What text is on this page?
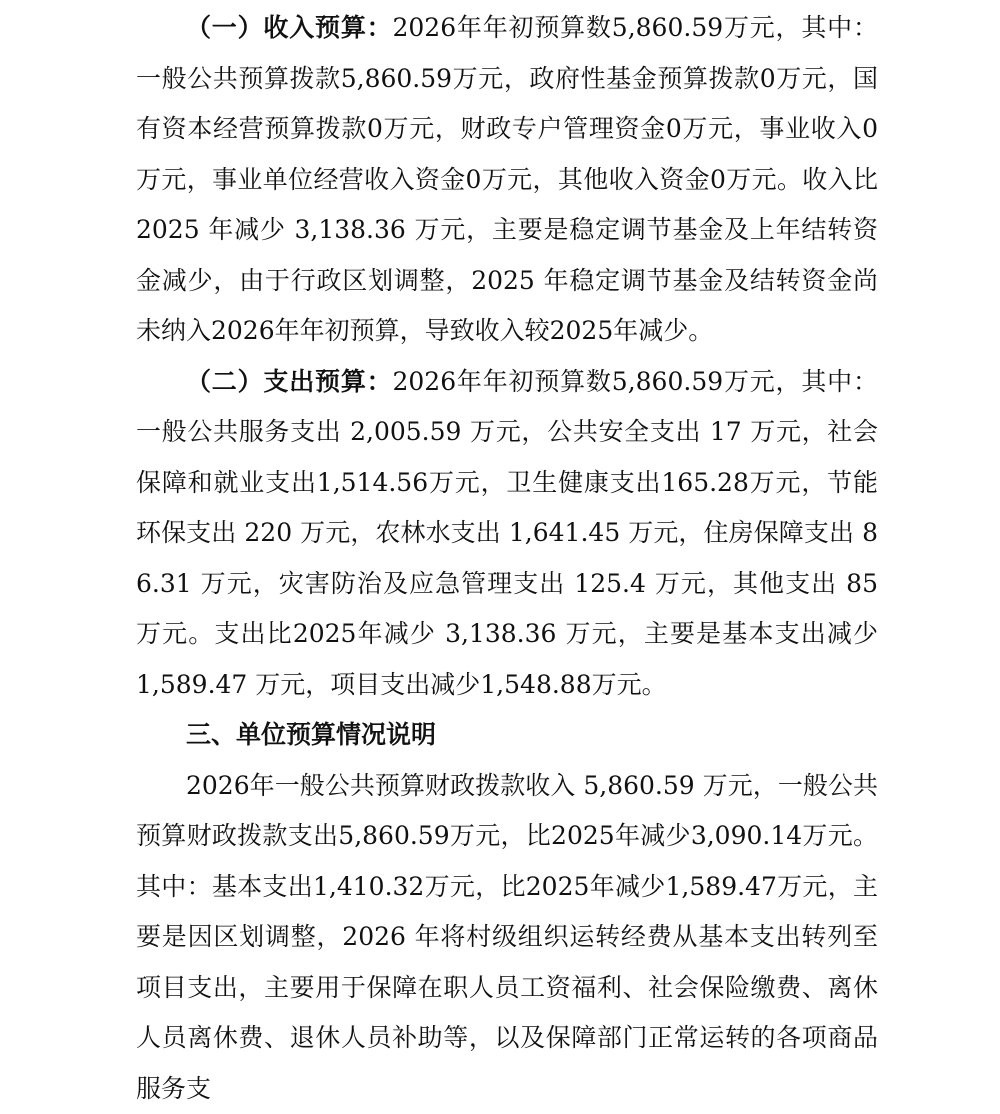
（一）收入预算：2026年年初预算数5,860.59万元，其中：一般公共预算拨款5,860.59万元，政府性基金预算拨款0万元，国有资本经营预算拨款0万元，财政专户管理资金0万元，事业收入0万元，事业单位经营收入资金0万元，其他收入资金0万元。收入比 2025 年减少 3,138.36 万元，主要是稳定调节基金及上年结转资金减少，由于行政区划调整，2025 年稳定调节基金及结转资金尚未纳入2026年年初预算，导致收入较2025年减少。

（二）支出预算：2026年年初预算数5,860.59万元，其中：一般公共服务支出 2,005.59 万元，公共安全支出 17 万元，社会保障和就业支出1,514.56万元，卫生健康支出165.28万元，节能环保支出 220 万元，农林水支出 1,641.45 万元，住房保障支出 86.31 万元，灾害防治及应急管理支出 125.4 万元，其他支出 85 万元。支出比2025年减少 3,138.36 万元，主要是基本支出减少 1,589.47 万元，项目支出减少1,548.88万元。

三、单位预算情况说明

2026年一般公共预算财政拨款收入 5,860.59 万元，一般公共预算财政拨款支出5,860.59万元，比2025年减少3,090.14万元。其中：基本支出1,410.32万元，比2025年减少1,589.47万元，主要是因区划调整，2026 年将村级组织运转经费从基本支出转列至项目支出，主要用于保障在职人员工资福利、社会保险缴费、离休人员离休费、退休人员补助等，以及保障部门正常运转的各项商品服务支
